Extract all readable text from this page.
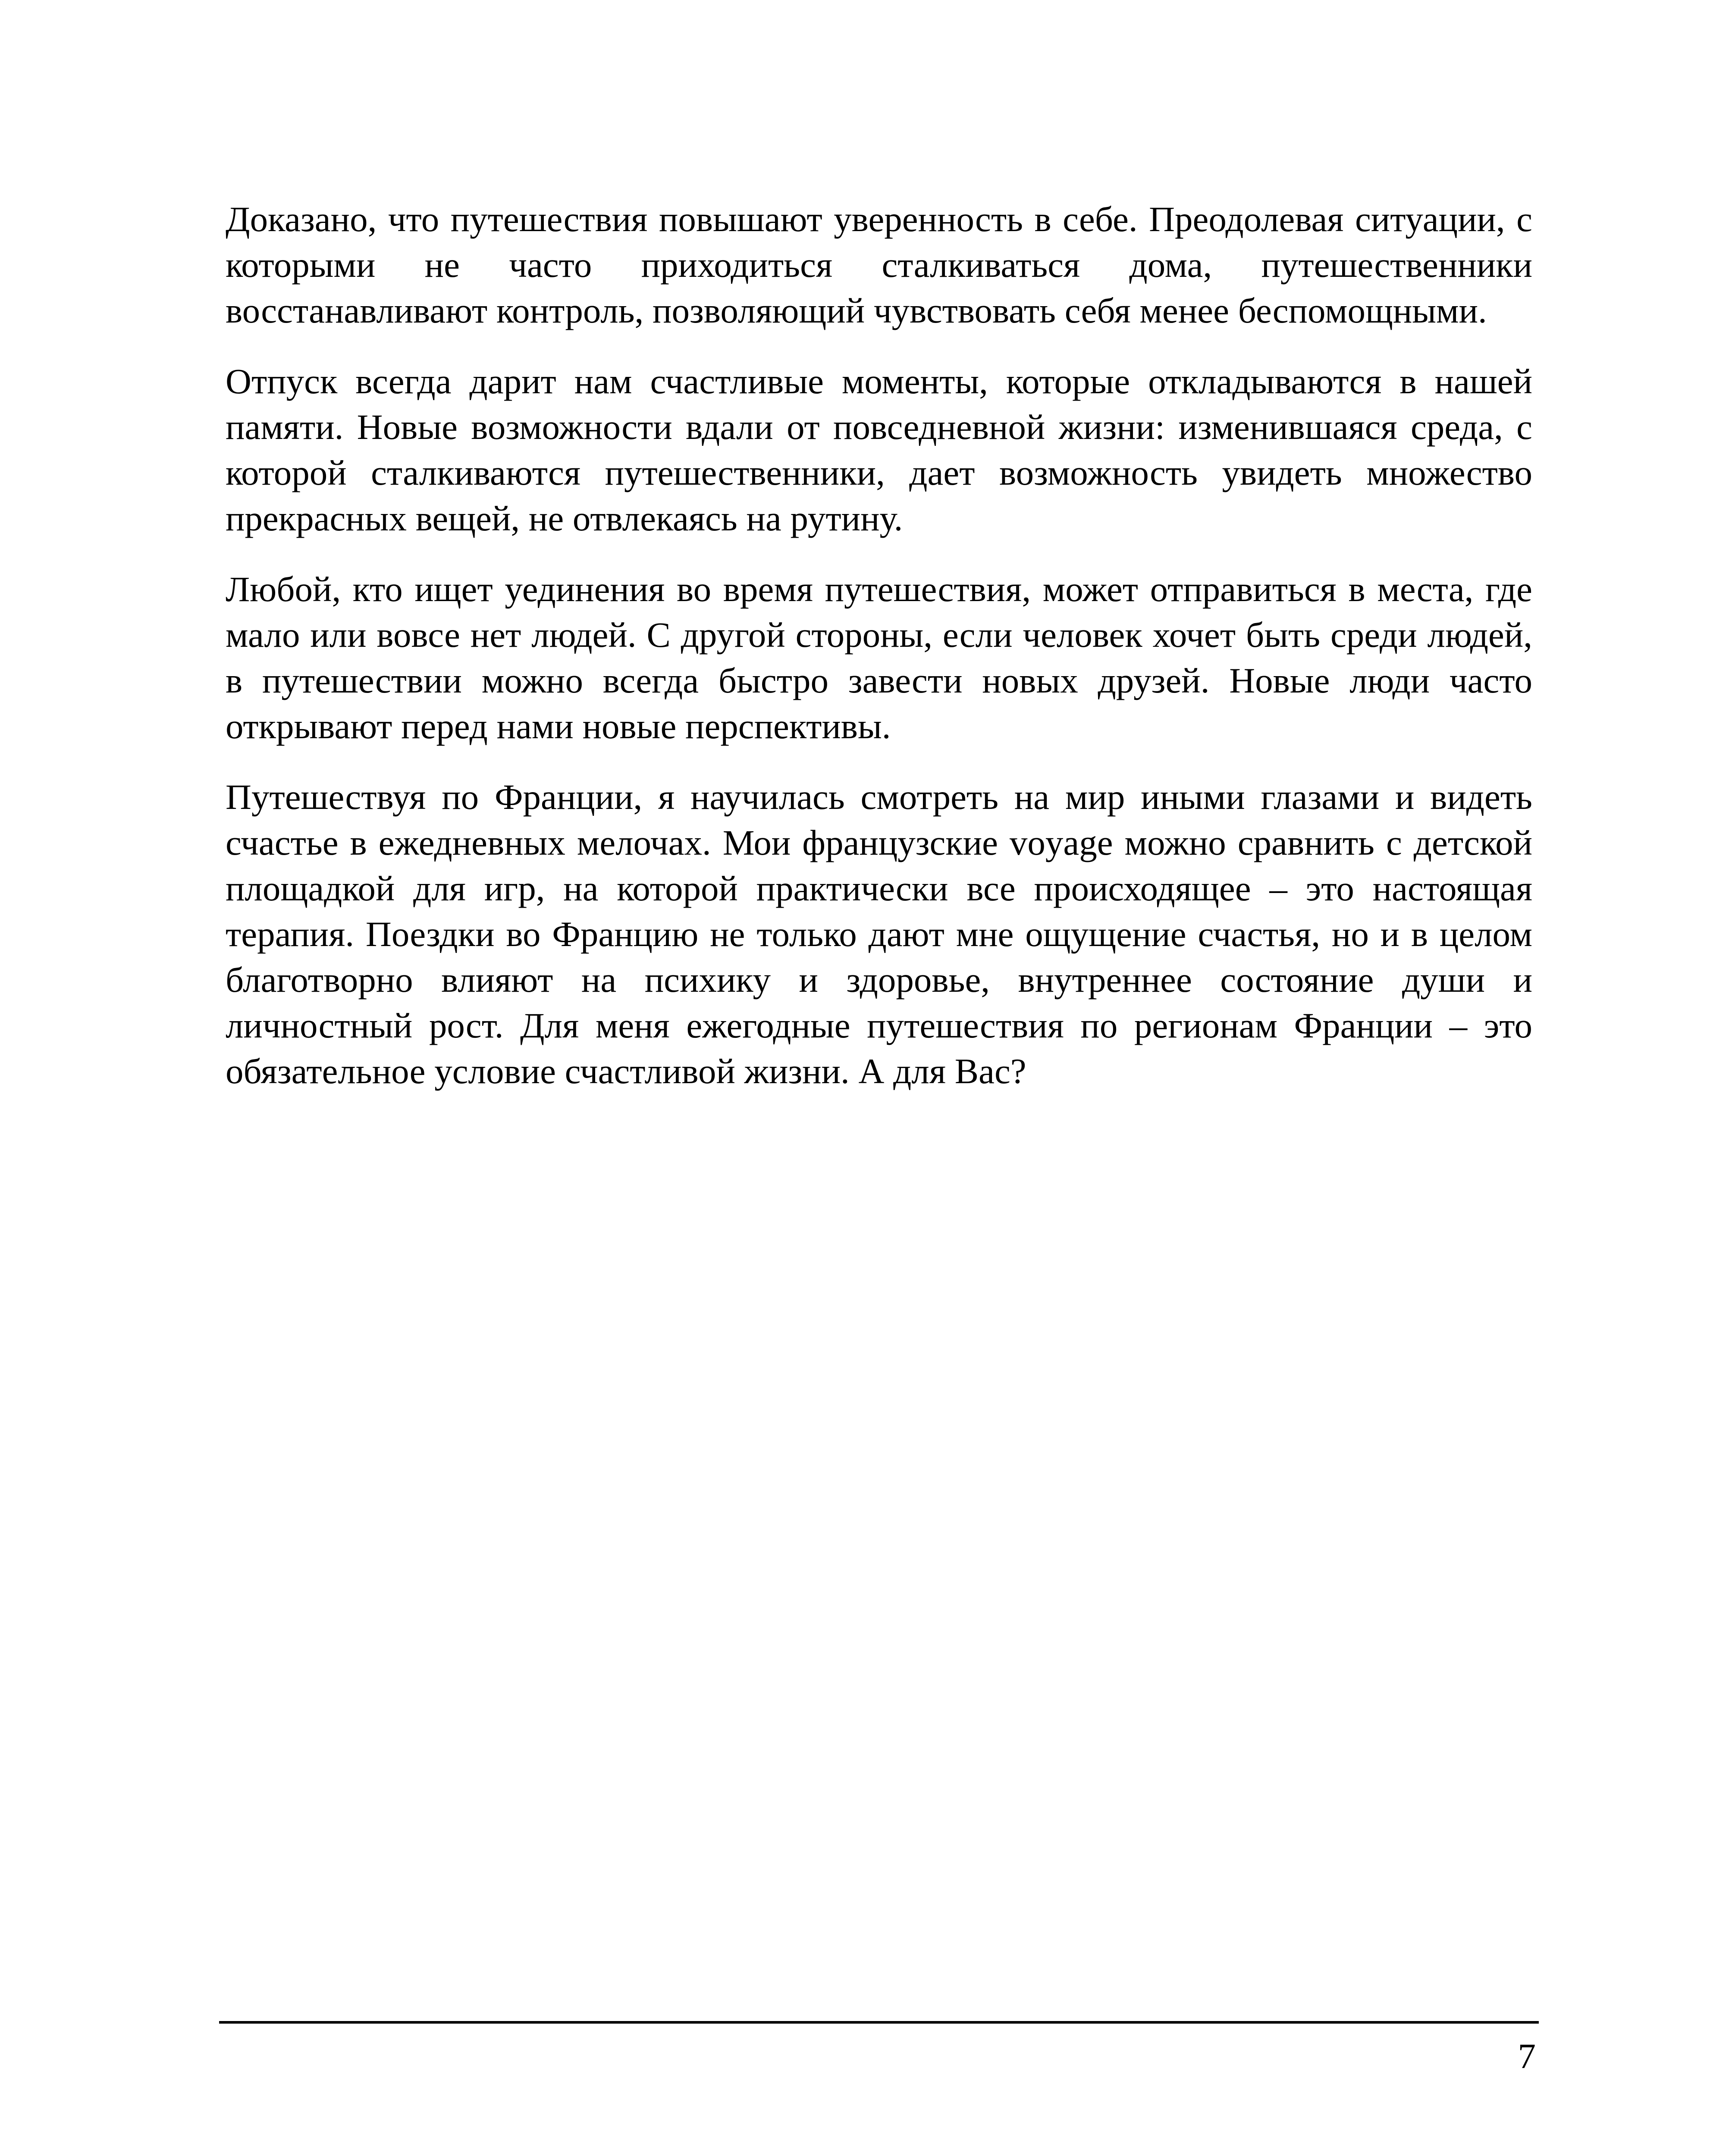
Доказано, что путешествия повышают уверенность в себе. Преодолевая ситуации, с которыми не часто приходиться сталкиваться дома, путешественники восстанавливают контроль, позволяющий чувствовать себя менее беспомощными.

Отпуск всегда дарит нам счастливые моменты, которые откладываются в нашей памяти. Новые возможности вдали от повседневной жизни: изменившаяся среда, с которой сталкиваются путешественники, дает возможность увидеть множество прекрасных вещей, не отвлекаясь на рутину.

Любой, кто ищет уединения во время путешествия, может отправиться в места, где мало или вовсе нет людей. С другой стороны, если человек хочет быть среди людей, в путешествии можно всегда быстро завести новых друзей. Новые люди часто открывают перед нами новые перспективы.

Путешествуя по Франции, я научилась смотреть на мир иными глазами и видеть счастье в ежедневных мелочах. Мои французские voyage можно сравнить с детской площадкой для игр, на которой практически все происходящее – это настоящая терапия. Поездки во Францию не только дают мне ощущение счастья, но и в целом благотворно влияют на психику и здоровье, внутреннее состояние души и личностный рост. Для меня ежегодные путешествия по регионам Франции – это обязательное условие счастливой жизни. А для Вас?

7
